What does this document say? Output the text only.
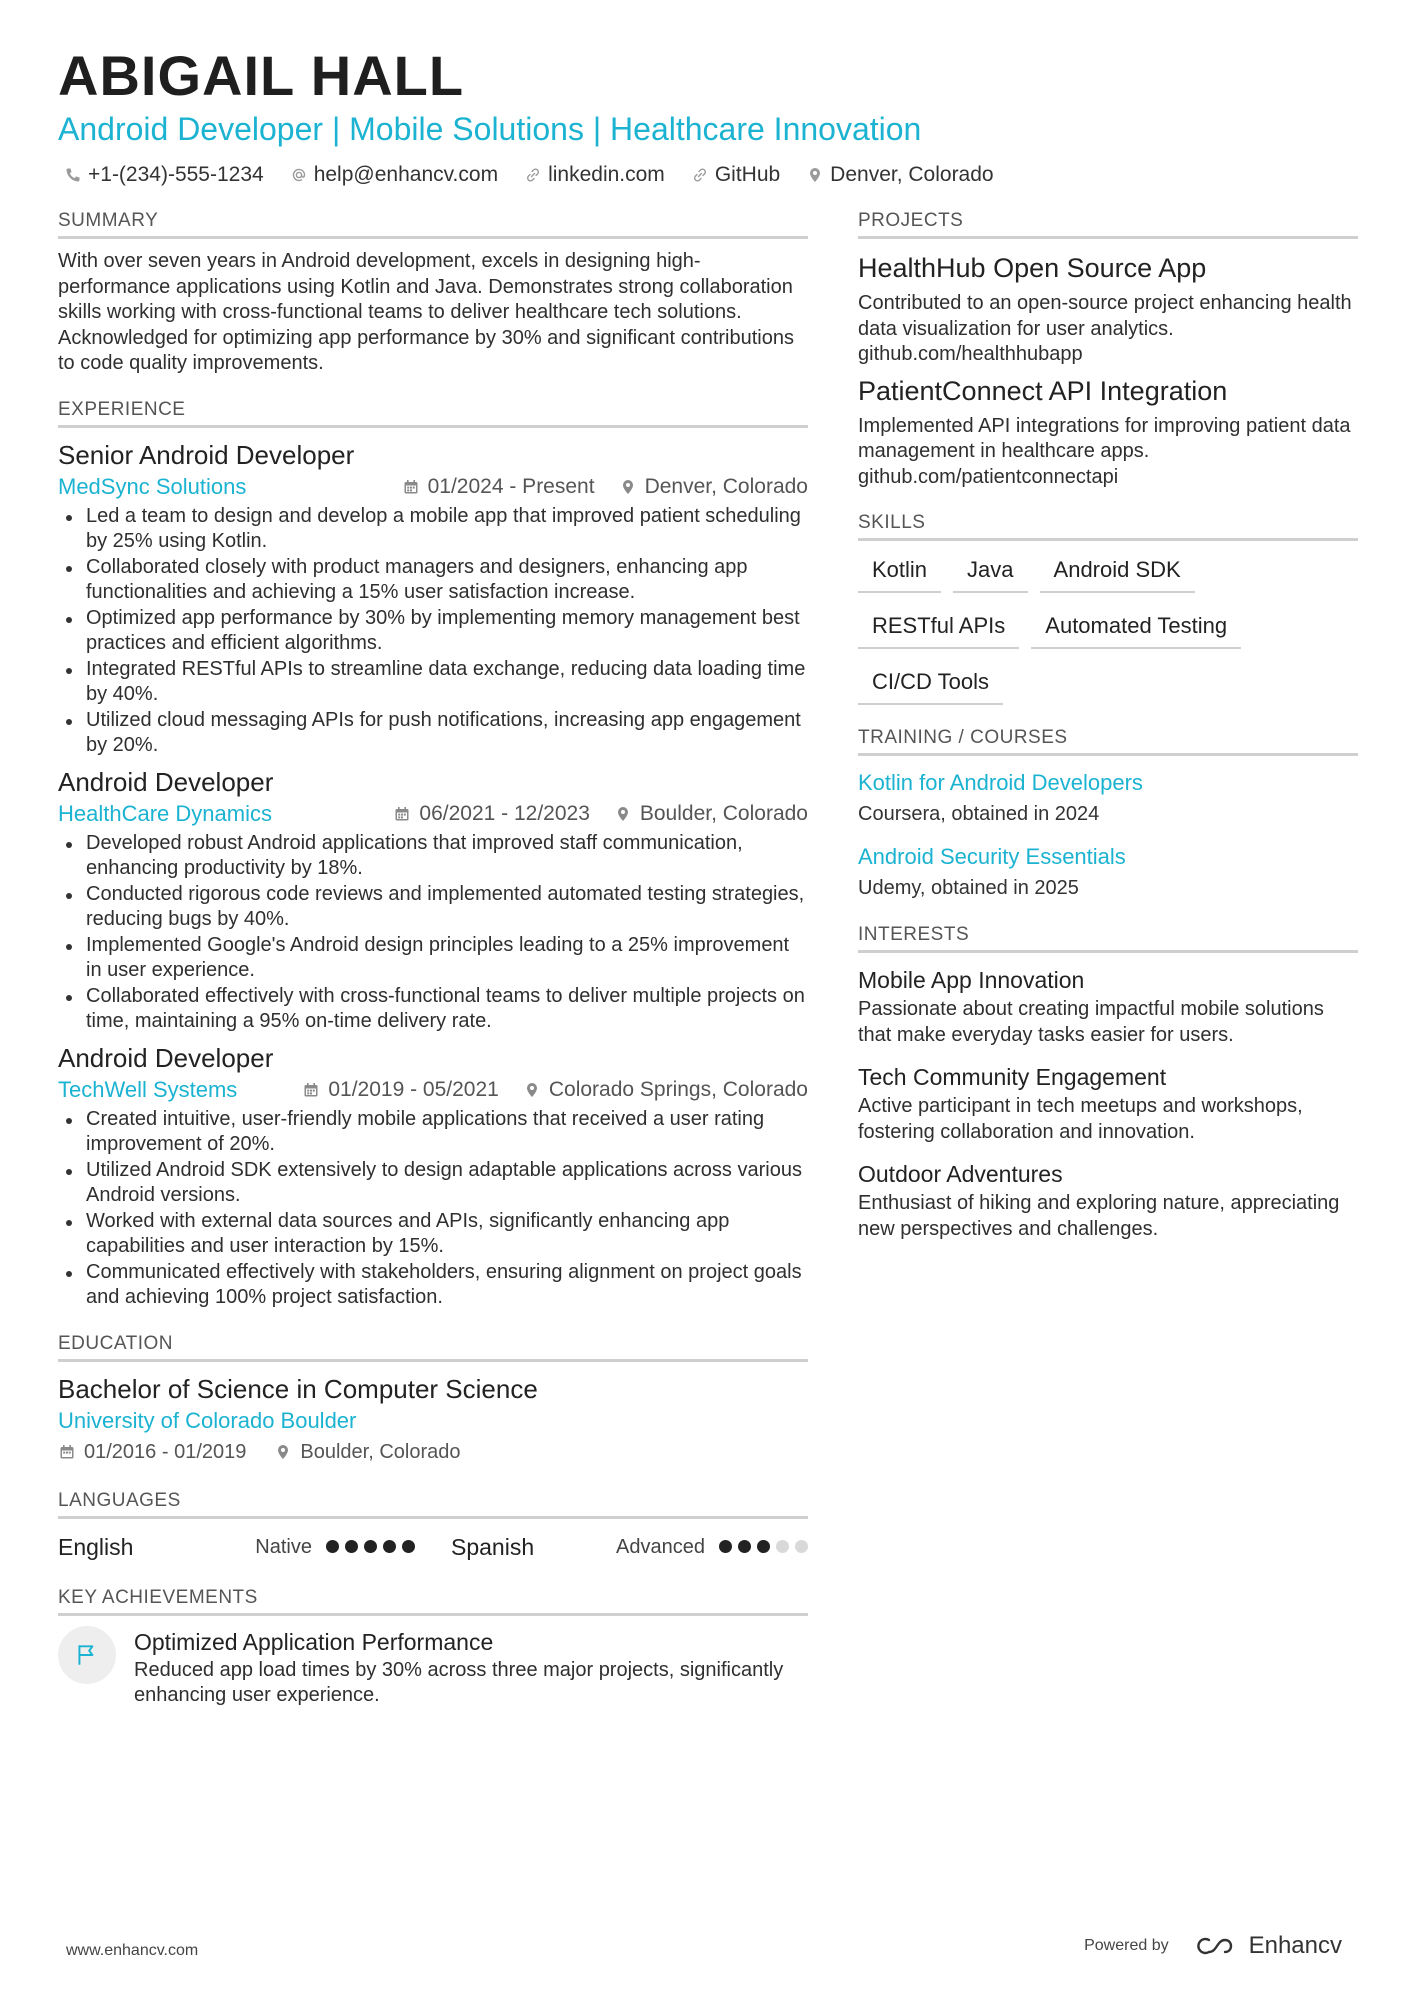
ABIGAIL HALL
Android Developer | Mobile Solutions | Healthcare Innovation
+1-(234)-555-1234 help@enhancv.com linkedin.com GitHub Denver, Colorado
SUMMARY
With over seven years in Android development, excels in designing high-performance applications using Kotlin and Java. Demonstrates strong collaboration skills working with cross-functional teams to deliver healthcare tech solutions. Acknowledged for optimizing app performance by 30% and significant contributions to code quality improvements.
EXPERIENCE
Senior Android Developer
MedSync Solutions	01/2024 - Present Denver, Colorado
Led a team to design and develop a mobile app that improved patient scheduling by 25% using Kotlin.
Collaborated closely with product managers and designers, enhancing app functionalities and achieving a 15% user satisfaction increase.
Optimized app performance by 30% by implementing memory management best practices and efficient algorithms.
Integrated RESTful APIs to streamline data exchange, reducing data loading time by 40%.
Utilized cloud messaging APIs for push notifications, increasing app engagement by 20%.
Android Developer
HealthCare Dynamics	06/2021 - 12/2023 Boulder, Colorado
Developed robust Android applications that improved staff communication, enhancing productivity by 18%.
Conducted rigorous code reviews and implemented automated testing strategies, reducing bugs by 40%.
Implemented Google's Android design principles leading to a 25% improvement in user experience.
Collaborated effectively with cross-functional teams to deliver multiple projects on time, maintaining a 95% on-time delivery rate.
Android Developer
TechWell Systems	01/2019 - 05/2021 Colorado Springs, Colorado
Created intuitive, user-friendly mobile applications that received a user rating improvement of 20%.
Utilized Android SDK extensively to design adaptable applications across various Android versions.
Worked with external data sources and APIs, significantly enhancing app capabilities and user interaction by 15%.
Communicated effectively with stakeholders, ensuring alignment on project goals and achieving 100% project satisfaction.
EDUCATION
Bachelor of Science in Computer Science
University of Colorado Boulder
01/2016 - 01/2019	Boulder, Colorado
LANGUAGES
English	Native	Spanish	Advanced
KEY ACHIEVEMENTS
Optimized Application Performance
Reduced app load times by 30% across three major projects, significantly enhancing user experience.
PROJECTS
HealthHub Open Source App
Contributed to an open-source project enhancing health data visualization for user analytics.
github.com/healthhubapp
PatientConnect API Integration
Implemented API integrations for improving patient data management in healthcare apps.
github.com/patientconnectapi
SKILLS
Kotlin	Java	Android SDK
RESTful APIs	Automated Testing
CI/CD Tools
TRAINING / COURSES
Kotlin for Android Developers
Coursera, obtained in 2024
Android Security Essentials
Udemy, obtained in 2025
INTERESTS
Mobile App Innovation
Passionate about creating impactful mobile solutions that make everyday tasks easier for users.
Tech Community Engagement
Active participant in tech meetups and workshops, fostering collaboration and innovation.
Outdoor Adventures
Enthusiast of hiking and exploring nature, appreciating new perspectives and challenges.
www.enhancv.com	Powered by	Enhancv
